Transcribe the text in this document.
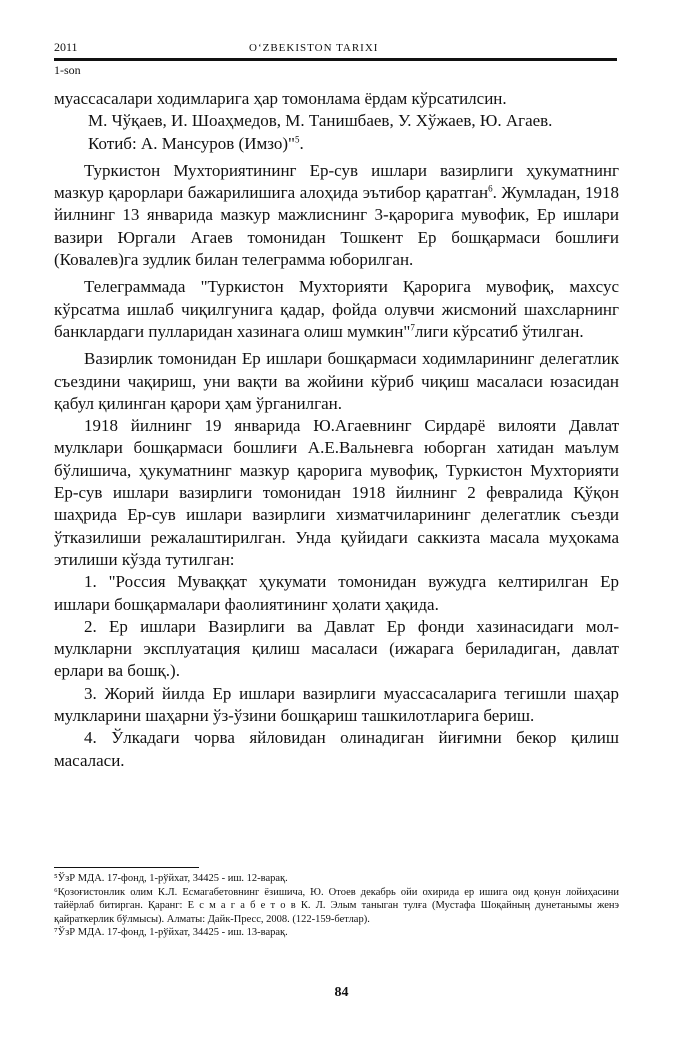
2011	O‘ZBEKISTON TARIXI
1-son

муассасалари ходимларига ҳар томонлама ёрдам кўрсатилсин.

М. Чўқаев, И. Шоаҳмедов, М. Танишбаев, У. Хўжаев, Ю. Агаев.

Котиб: А. Мансуров (Имзо)"$^5$.

Туркистон Мухториятининг Ер-сув ишлари вазирлиги ҳукуматнинг мазкур қарорлари бажарилишига алоҳида эътибор қаратган$^6$. Жумладан, 1918 йилнинг 13 январида мазкур мажлиснинг 3-қарорига мувофик, Ер ишлари вазири Юргали Агаев томонидан Тошкент Ер бошқармаси бошлиғи (Ковалев)га зудлик билан телеграмма юборилган.

Телеграммада "Туркистон Мухторияти Қарорига мувофиқ, махсус кўрсатма ишлаб чиқилгунига қадар, фойда олувчи жисмоний шахсларнинг банклардаги пулларидан хазинага олиш мумкин"$^7$лиги кўрсатиб ўтилган.

Вазирлик томонидан Ер ишлари бошқармаси ходимларининг делегатлик съездини чақириш, уни вақти ва жойини кўриб чиқиш масаласи юзасидан қабул қилинган қарори ҳам ўрганилган.

1918 йилнинг 19 январида Ю.Агаевнинг Сирдарё вилояти Давлат мулклари бошқармаси бошлиғи А.Е.Вальневга юборган хатидан маълум бўлишича, ҳукуматнинг мазкур қарорига мувофиқ, Туркистон Мухторияти Ер-сув ишлари вазирлиги томонидан 1918 йилнинг 2 февралида Қўқон шаҳрида Ер-сув ишлари вазирлиги хизматчиларининг делегатлик съезди ўтказилиши режалаштирилган. Унда қуйидаги саккизта масала муҳокама этилиши кўзда тутилган:

1. "Россия Муваққат ҳукумати томонидан вужудга келтирилган Ер ишлари бошқармалари фаолиятининг ҳолати ҳақида.

2. Ер ишлари Вазирлиги ва Давлат Ер фонди хазинасидаги мол-мулкларни эксплуатация қилиш масаласи (ижарага бериладиган, давлат ерлари ва бошқ.).

3. Жорий йилда Ер ишлари вазирлиги муассасаларига тегишли шаҳар мулкларини шаҳарни ўз-ўзини бошқариш ташкилотларига бериш.

4. Ўлкадаги чорва яйловидан олинадиган йиғимни бекор қилиш масаласи.

⁵ЎзР МДА. 17-фонд, 1-рўйхат, 34425 - иш. 12-варақ.

⁶Қозоғистонлик олим К.Л. Есмагабетовнинг ёзишича, Ю. Отоев декабрь ойи охирида ер ишига оид қонун лойиҳасини тайёрлаб битирган. Қаранг: Е с м а г а б е т о в К. Л. Элым таныган тулға (Мустафа Шоқайның дунетанымы женэ қайраткерлик бўлмысы). Алматы: Дайк-Пресс, 2008. (122-159-бетлар).

⁷ЎзР МДА. 17-фонд, 1-рўйхат, 34425 - иш. 13-варақ.

84
